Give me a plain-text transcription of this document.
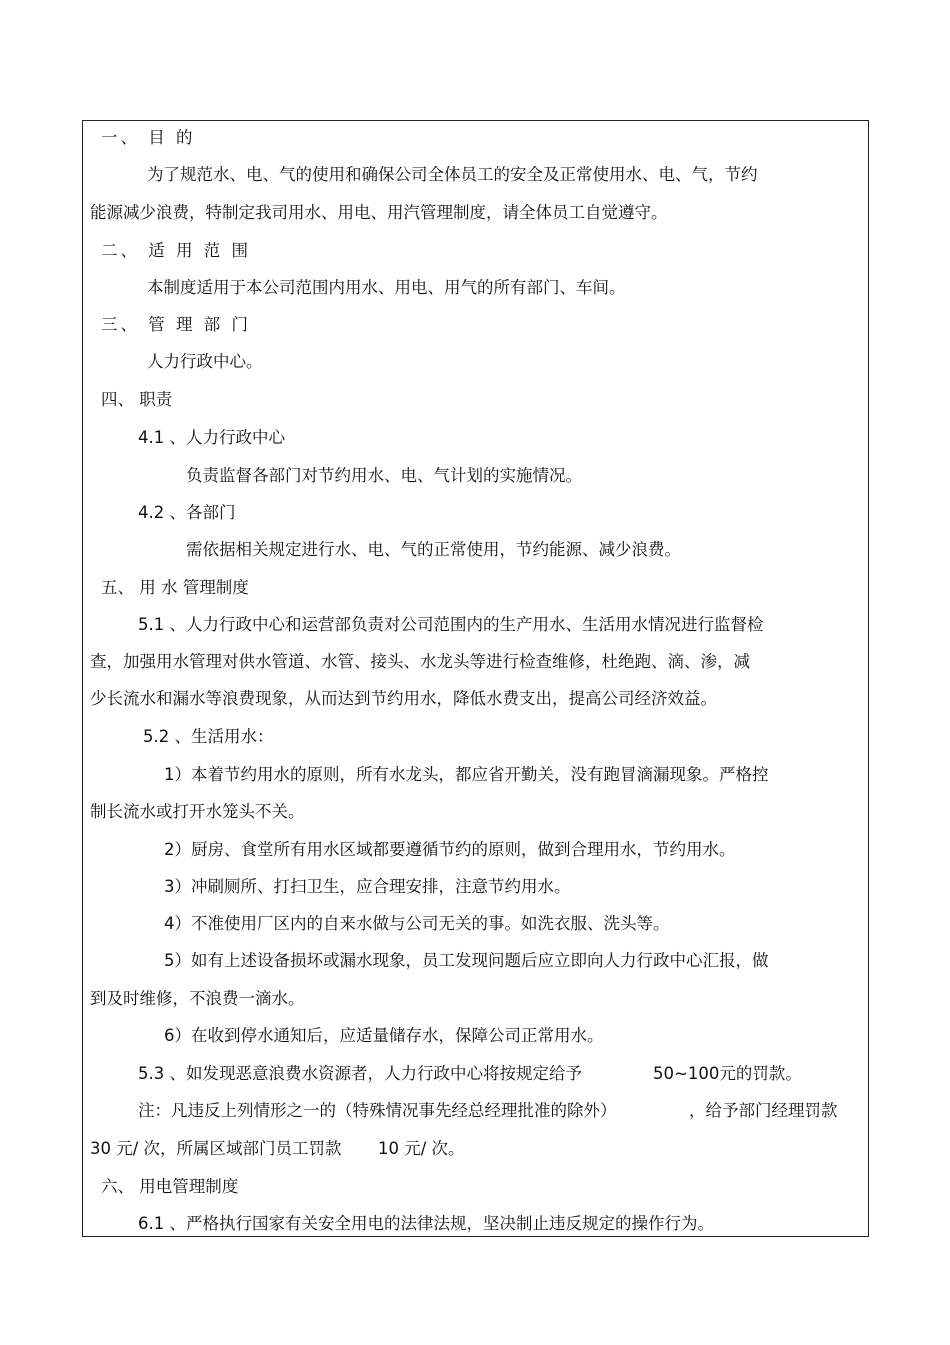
一、 目 的
为了规范水、电、气的使用和确保公司全体员工的安全及正常使用水、电、气，节约
能源减少浪费，特制定我司用水、用电、用汽管理制度，请全体员工自觉遵守。
二、 适 用 范 围
本制度适用于本公司范围内用水、用电、用气的所有部门、车间。
三、 管 理 部 门
人力行政中心。
四、 职责
4.1 、人力行政中心
负责监督各部门对节约用水、电、气计划的实施情况。
4.2 、各部门
需依据相关规定进行水、电、气的正常使用，节约能源、减少浪费。
五、 用 水 管理制度
5.1 、人力行政中心和运营部负责对公司范围内的生产用水、生活用水情况进行监督检
查，加强用水管理对供水管道、水管、接头、水龙头等进行检查维修，杜绝跑、滴、渗，减
少长流水和漏水等浪费现象，从而达到节约用水，降低水费支出，提高公司经济效益。
5.2 、生活用水：
1）本着节约用水的原则，所有水龙头，都应省开勤关，没有跑冒滴漏现象。严格控
制长流水或打开水笼头不关。
2）厨房、食堂所有用水区域都要遵循节约的原则，做到合理用水，节约用水。
3）冲刷厕所、打扫卫生，应合理安排，注意节约用水。
4）不准使用厂区内的自来水做与公司无关的事。如洗衣服、洗头等。
5）如有上述设备损坏或漏水现象，员工发现问题后应立即向人力行政中心汇报，做
到及时维修，不浪费一滴水。
6）在收到停水通知后，应适量储存水，保障公司正常用水。
5.3 、如发现恶意浪费水资源者，人力行政中心将按规定给予	50~100元的罚款。
注：凡违反上列情形之一的（特殊情况事先经总经理批准的除外）	，给予部门经理罚款
30 元/ 次，所属区域部门员工罚款 10 元/ 次。
六、 用电管理制度
6.1 、严格执行国家有关安全用电的法律法规，坚决制止违反规定的操作行为。
